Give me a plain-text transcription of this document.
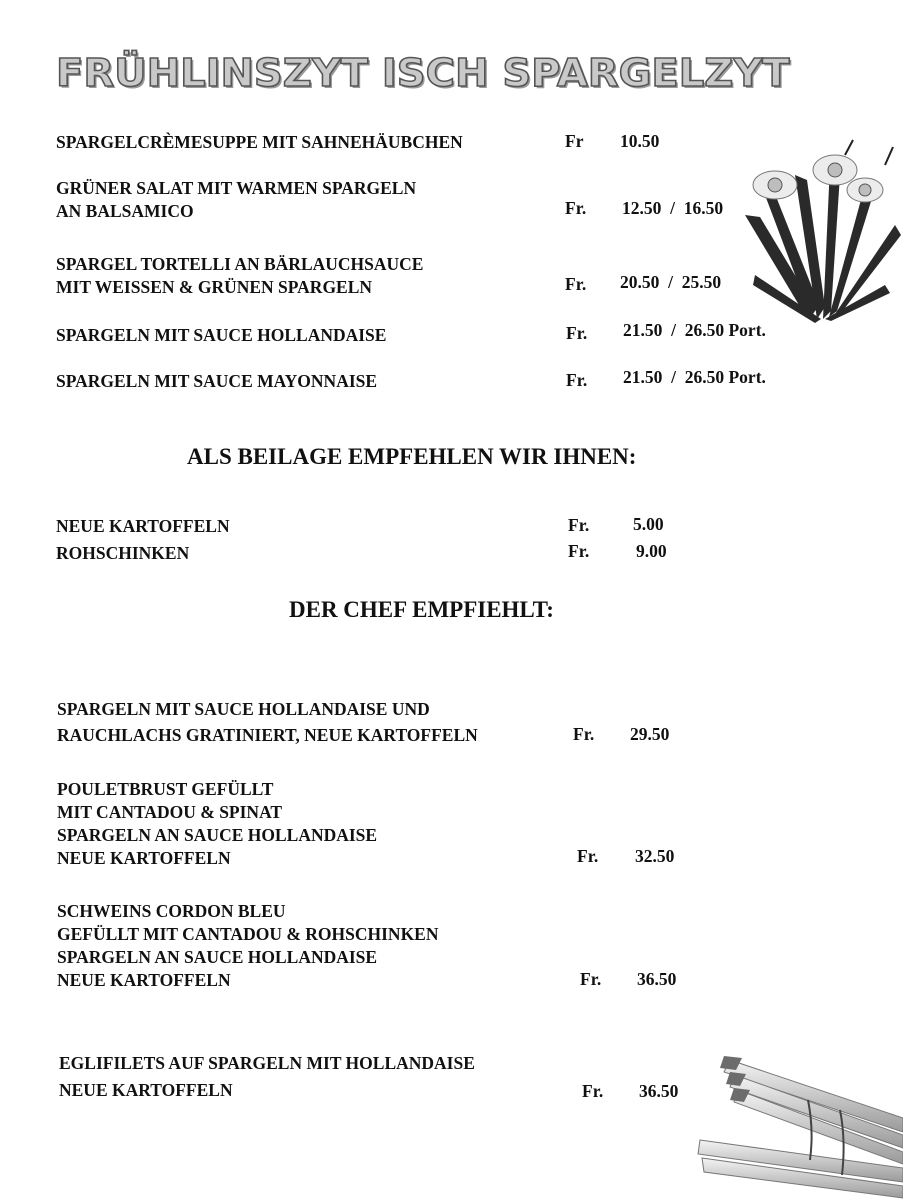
FRÜHLINSZYT ISCH SPARGELZYT
SPARGELCRÈMESUPPE MIT SAHNEHÄUBCHEN	Fr 10.50
GRÜNER SALAT MIT WARMEN SPARGELN
AN BALSAMICO	Fr. 12.50  /  16.50
SPARGEL TORTELLI AN BÄRLAUCHSAUCE
MIT WEISSEN & GRÜNEN SPARGELN	Fr. 20.50  /  25.50
SPARGELN MIT SAUCE HOLLANDAISE	Fr. 21.50  /  26.50 Port.
SPARGELN MIT SAUCE MAYONNAISE	Fr. 21.50  /  26.50 Port.
ALS BEILAGE EMPFEHLEN WIR IHNEN:
NEUE KARTOFFELN	Fr.	5.00
ROHSCHINKEN	Fr.	9.00
DER CHEF EMPFIEHLT:
SPARGELN MIT SAUCE HOLLANDAISE UND
RAUCHLACHS GRATINIERT, NEUE KARTOFFELN	Fr. 29.50
POULETBRUST GEFÜLLT
MIT CANTADOU & SPINAT
SPARGELN AN SAUCE HOLLANDAISE
NEUE KARTOFFELN	Fr. 32.50
SCHWEINS CORDON BLEU
GEFÜLLT MIT CANTADOU & ROHSCHINKEN
SPARGELN AN SAUCE HOLLANDAISE
NEUE KARTOFFELN	Fr. 36.50
EGLIFILETS AUF SPARGELN MIT HOLLANDAISE
NEUE KARTOFFELN	Fr. 36.50
